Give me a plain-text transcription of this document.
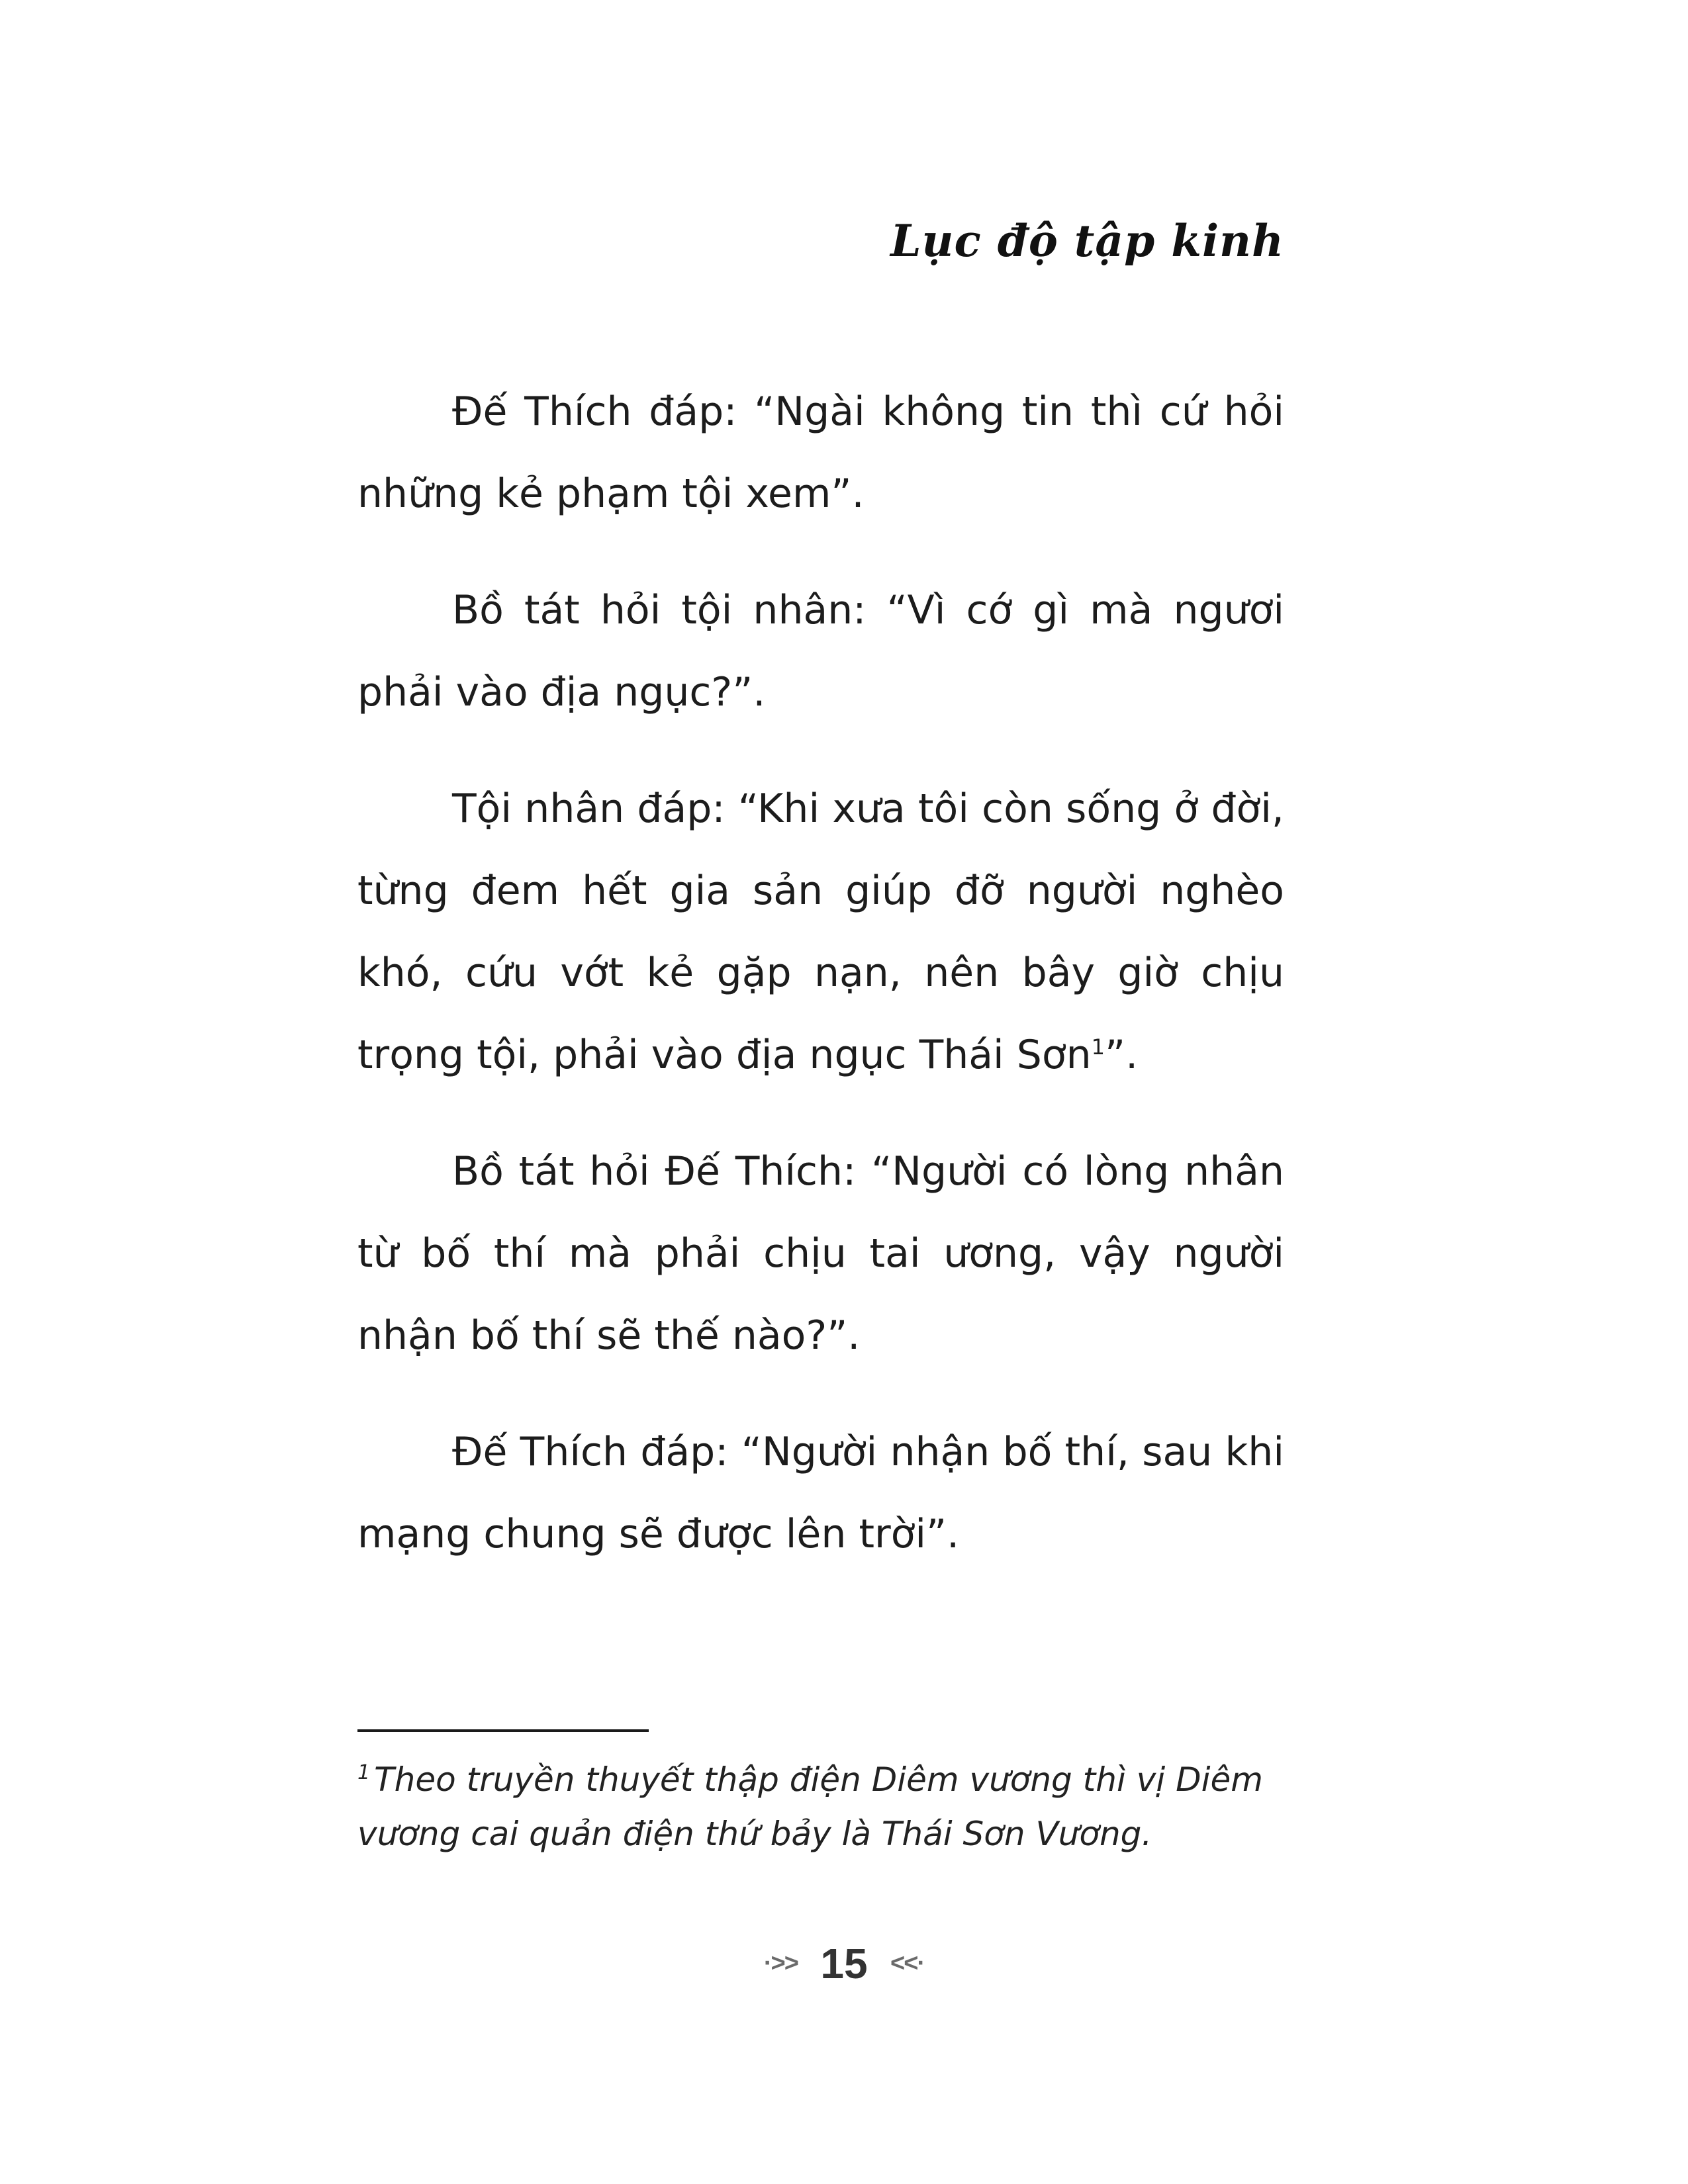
Lục độ tập kinh

Đế Thích đáp: “Ngài không tin thì cứ hỏi những kẻ phạm tội xem”.

Bồ tát hỏi tội nhân: “Vì cớ gì mà ngươi phải vào địa ngục?”.

Tội nhân đáp: “Khi xưa tôi còn sống ở đời, từng đem hết gia sản giúp đỡ người nghèo khó, cứu vớt kẻ gặp nạn, nên bây giờ chịu trọng tội, phải vào địa ngục Thái Sơn$^1$”.

Bồ tát hỏi Đế Thích: “Người có lòng nhân từ bố thí mà phải chịu tai ương, vậy người nhận bố thí sẽ thế nào?”.

Đế Thích đáp: “Người nhận bố thí, sau khi mạng chung sẽ được lên trời”.

$^1$ Theo truyền thuyết thập điện Diêm vương thì vị Diêm vương cai quản điện thứ bảy là Thái Sơn Vương.

·>> 15 <<·
